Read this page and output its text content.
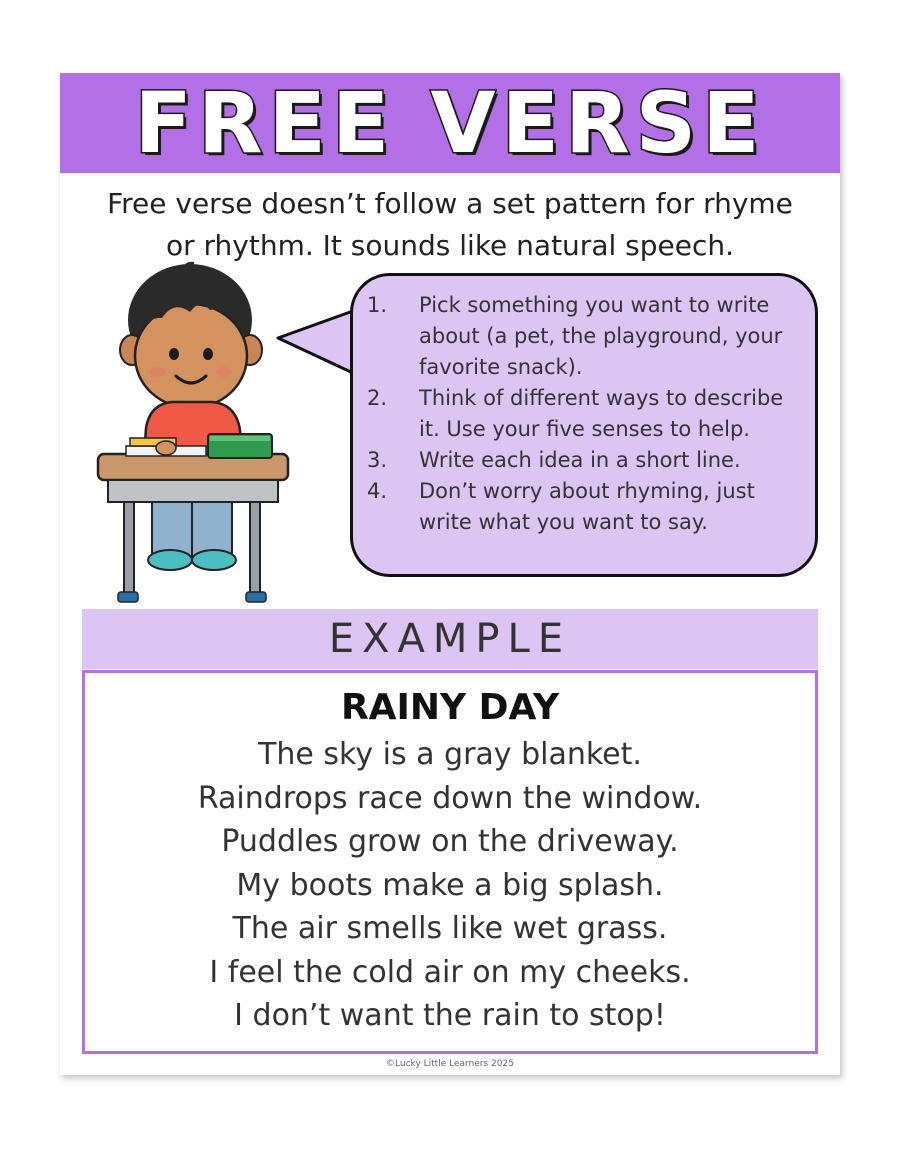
FREE VERSE
Free verse doesn’t follow a set pattern for rhyme
or rhythm. It sounds like natural speech.
1.	Pick something you want to write about (a pet, the playground, your favorite snack).
2.	Think of different ways to describe it. Use your five senses to help.
3.	Write each idea in a short line.
4.	Don’t worry about rhyming, just write what you want to say.
EXAMPLE
RAINY DAY
The sky is a gray blanket.
Raindrops race down the window.
Puddles grow on the driveway.
My boots make a big splash.
The air smells like wet grass.
I feel the cold air on my cheeks.
I don’t want the rain to stop!
©Lucky Little Learners 2025
